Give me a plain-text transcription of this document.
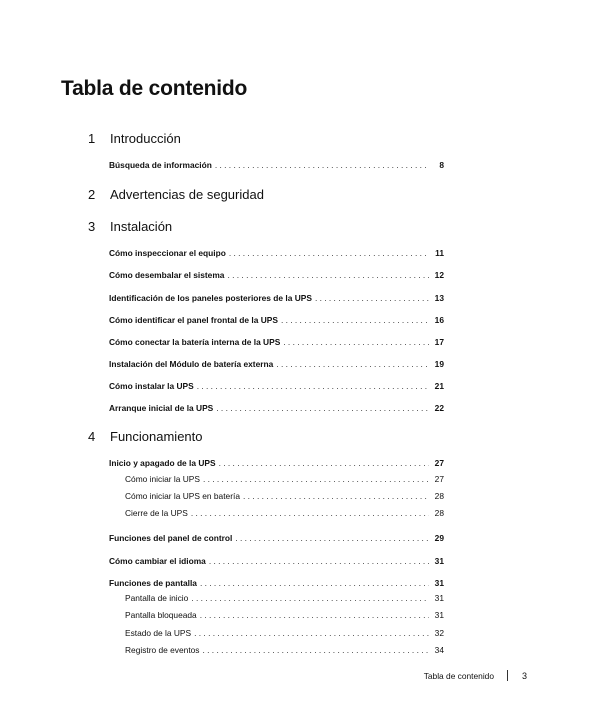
Tabla de contenido
1	Introducción
Búsqueda de información . . .	8
2	Advertencias de seguridad
3	Instalación
Cómo inspeccionar el equipo . . .	11
Cómo desembalar el sistema . . .	12
Identificación de los paneles posteriores de la UPS . . .	13
Cómo identificar el panel frontal de la UPS . . .	16
Cómo conectar la batería interna de la UPS . . .	17
Instalación del Módulo de batería externa . . .	19
Cómo instalar la UPS . . .	21
Arranque inicial de la UPS . . .	22
4	Funcionamiento
Inicio y apagado de la UPS . . .	27
Cómo iniciar la UPS . . .	27
Cómo iniciar la UPS en batería . . .	28
Cierre de la UPS . . .	28
Funciones del panel de control . . .	29
Cómo cambiar el idioma . . .	31
Funciones de pantalla . . .	31
Pantalla de inicio . . .	31
Pantalla bloqueada . . .	31
Estado de la UPS . . .	32
Registro de eventos . . .	34
Tabla de contenido	3
